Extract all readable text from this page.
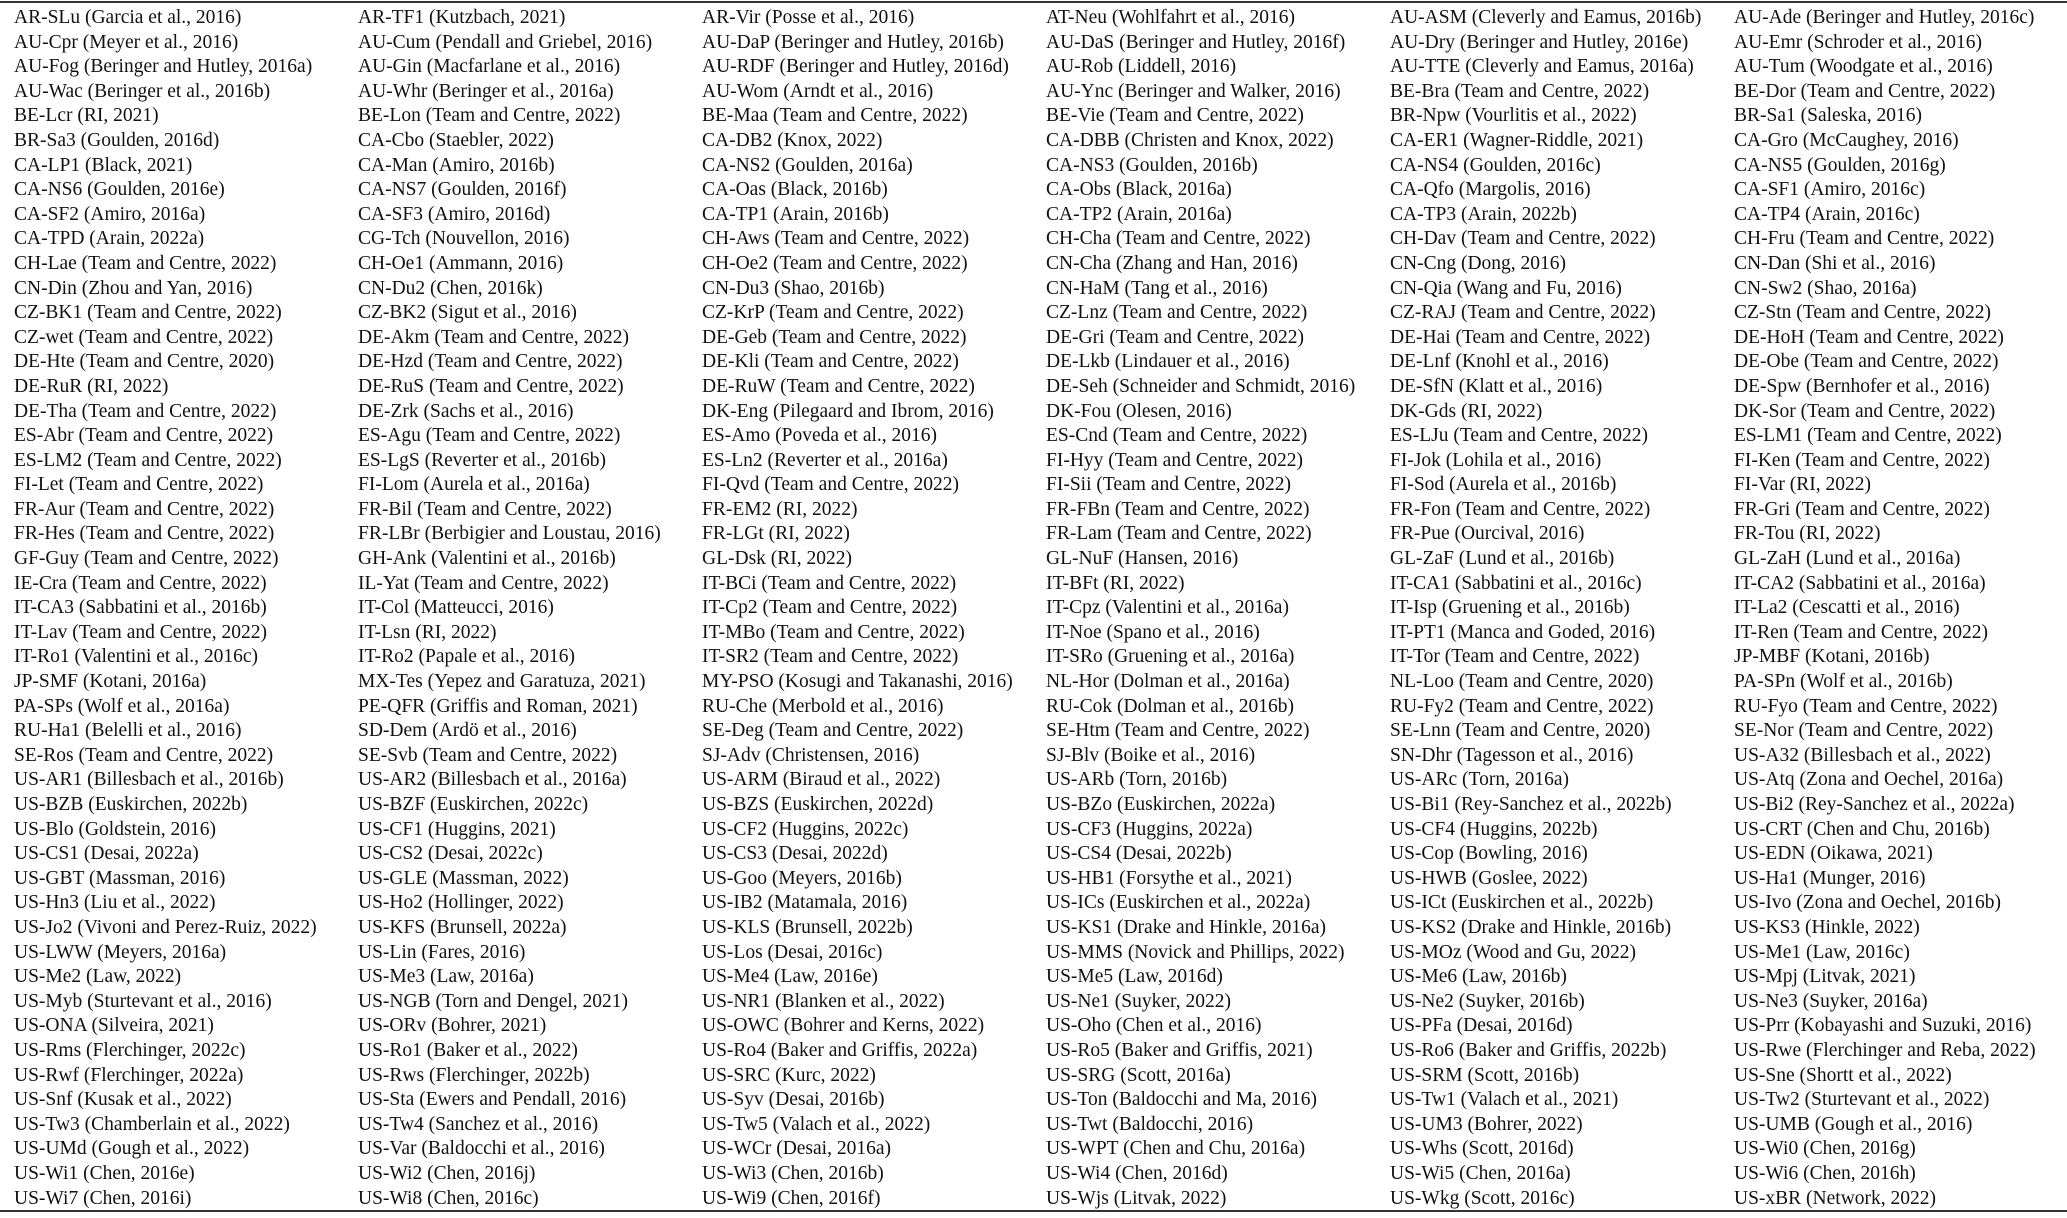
AR-SLu (Garcia et al., 2016)	AR-TF1 (Kutzbach, 2021)	AR-Vir (Posse et al., 2016)	AT-Neu (Wohlfahrt et al., 2016)	AU-ASM (Cleverly and Eamus, 2016b)	AU-Ade (Beringer and Hutley, 2016c)
AU-Cpr (Meyer et al., 2016)	AU-Cum (Pendall and Griebel, 2016)	AU-DaP (Beringer and Hutley, 2016b)	AU-DaS (Beringer and Hutley, 2016f)	AU-Dry (Beringer and Hutley, 2016e)	AU-Emr (Schroder et al., 2016)
AU-Fog (Beringer and Hutley, 2016a)	AU-Gin (Macfarlane et al., 2016)	AU-RDF (Beringer and Hutley, 2016d)	AU-Rob (Liddell, 2016)	AU-TTE (Cleverly and Eamus, 2016a)	AU-Tum (Woodgate et al., 2016)
AU-Wac (Beringer et al., 2016b)	AU-Whr (Beringer et al., 2016a)	AU-Wom (Arndt et al., 2016)	AU-Ync (Beringer and Walker, 2016)	BE-Bra (Team and Centre, 2022)	BE-Dor (Team and Centre, 2022)
BE-Lcr (RI, 2021)	BE-Lon (Team and Centre, 2022)	BE-Maa (Team and Centre, 2022)	BE-Vie (Team and Centre, 2022)	BR-Npw (Vourlitis et al., 2022)	BR-Sa1 (Saleska, 2016)
BR-Sa3 (Goulden, 2016d)	CA-Cbo (Staebler, 2022)	CA-DB2 (Knox, 2022)	CA-DBB (Christen and Knox, 2022)	CA-ER1 (Wagner-Riddle, 2021)	CA-Gro (McCaughey, 2016)
CA-LP1 (Black, 2021)	CA-Man (Amiro, 2016b)	CA-NS2 (Goulden, 2016a)	CA-NS3 (Goulden, 2016b)	CA-NS4 (Goulden, 2016c)	CA-NS5 (Goulden, 2016g)
CA-NS6 (Goulden, 2016e)	CA-NS7 (Goulden, 2016f)	CA-Oas (Black, 2016b)	CA-Obs (Black, 2016a)	CA-Qfo (Margolis, 2016)	CA-SF1 (Amiro, 2016c)
CA-SF2 (Amiro, 2016a)	CA-SF3 (Amiro, 2016d)	CA-TP1 (Arain, 2016b)	CA-TP2 (Arain, 2016a)	CA-TP3 (Arain, 2022b)	CA-TP4 (Arain, 2016c)
CA-TPD (Arain, 2022a)	CG-Tch (Nouvellon, 2016)	CH-Aws (Team and Centre, 2022)	CH-Cha (Team and Centre, 2022)	CH-Dav (Team and Centre, 2022)	CH-Fru (Team and Centre, 2022)
CH-Lae (Team and Centre, 2022)	CH-Oe1 (Ammann, 2016)	CH-Oe2 (Team and Centre, 2022)	CN-Cha (Zhang and Han, 2016)	CN-Cng (Dong, 2016)	CN-Dan (Shi et al., 2016)
CN-Din (Zhou and Yan, 2016)	CN-Du2 (Chen, 2016k)	CN-Du3 (Shao, 2016b)	CN-HaM (Tang et al., 2016)	CN-Qia (Wang and Fu, 2016)	CN-Sw2 (Shao, 2016a)
CZ-BK1 (Team and Centre, 2022)	CZ-BK2 (Sigut et al., 2016)	CZ-KrP (Team and Centre, 2022)	CZ-Lnz (Team and Centre, 2022)	CZ-RAJ (Team and Centre, 2022)	CZ-Stn (Team and Centre, 2022)
CZ-wet (Team and Centre, 2022)	DE-Akm (Team and Centre, 2022)	DE-Geb (Team and Centre, 2022)	DE-Gri (Team and Centre, 2022)	DE-Hai (Team and Centre, 2022)	DE-HoH (Team and Centre, 2022)
DE-Hte (Team and Centre, 2020)	DE-Hzd (Team and Centre, 2022)	DE-Kli (Team and Centre, 2022)	DE-Lkb (Lindauer et al., 2016)	DE-Lnf (Knohl et al., 2016)	DE-Obe (Team and Centre, 2022)
DE-RuR (RI, 2022)	DE-RuS (Team and Centre, 2022)	DE-RuW (Team and Centre, 2022)	DE-Seh (Schneider and Schmidt, 2016)	DE-SfN (Klatt et al., 2016)	DE-Spw (Bernhofer et al., 2016)
DE-Tha (Team and Centre, 2022)	DE-Zrk (Sachs et al., 2016)	DK-Eng (Pilegaard and Ibrom, 2016)	DK-Fou (Olesen, 2016)	DK-Gds (RI, 2022)	DK-Sor (Team and Centre, 2022)
ES-Abr (Team and Centre, 2022)	ES-Agu (Team and Centre, 2022)	ES-Amo (Poveda et al., 2016)	ES-Cnd (Team and Centre, 2022)	ES-LJu (Team and Centre, 2022)	ES-LM1 (Team and Centre, 2022)
ES-LM2 (Team and Centre, 2022)	ES-LgS (Reverter et al., 2016b)	ES-Ln2 (Reverter et al., 2016a)	FI-Hyy (Team and Centre, 2022)	FI-Jok (Lohila et al., 2016)	FI-Ken (Team and Centre, 2022)
FI-Let (Team and Centre, 2022)	FI-Lom (Aurela et al., 2016a)	FI-Qvd (Team and Centre, 2022)	FI-Sii (Team and Centre, 2022)	FI-Sod (Aurela et al., 2016b)	FI-Var (RI, 2022)
FR-Aur (Team and Centre, 2022)	FR-Bil (Team and Centre, 2022)	FR-EM2 (RI, 2022)	FR-FBn (Team and Centre, 2022)	FR-Fon (Team and Centre, 2022)	FR-Gri (Team and Centre, 2022)
FR-Hes (Team and Centre, 2022)	FR-LBr (Berbigier and Loustau, 2016)	FR-LGt (RI, 2022)	FR-Lam (Team and Centre, 2022)	FR-Pue (Ourcival, 2016)	FR-Tou (RI, 2022)
GF-Guy (Team and Centre, 2022)	GH-Ank (Valentini et al., 2016b)	GL-Dsk (RI, 2022)	GL-NuF (Hansen, 2016)	GL-ZaF (Lund et al., 2016b)	GL-ZaH (Lund et al., 2016a)
IE-Cra (Team and Centre, 2022)	IL-Yat (Team and Centre, 2022)	IT-BCi (Team and Centre, 2022)	IT-BFt (RI, 2022)	IT-CA1 (Sabbatini et al., 2016c)	IT-CA2 (Sabbatini et al., 2016a)
IT-CA3 (Sabbatini et al., 2016b)	IT-Col (Matteucci, 2016)	IT-Cp2 (Team and Centre, 2022)	IT-Cpz (Valentini et al., 2016a)	IT-Isp (Gruening et al., 2016b)	IT-La2 (Cescatti et al., 2016)
IT-Lav (Team and Centre, 2022)	IT-Lsn (RI, 2022)	IT-MBo (Team and Centre, 2022)	IT-Noe (Spano et al., 2016)	IT-PT1 (Manca and Goded, 2016)	IT-Ren (Team and Centre, 2022)
IT-Ro1 (Valentini et al., 2016c)	IT-Ro2 (Papale et al., 2016)	IT-SR2 (Team and Centre, 2022)	IT-SRo (Gruening et al., 2016a)	IT-Tor (Team and Centre, 2022)	JP-MBF (Kotani, 2016b)
JP-SMF (Kotani, 2016a)	MX-Tes (Yepez and Garatuza, 2021)	MY-PSO (Kosugi and Takanashi, 2016)	NL-Hor (Dolman et al., 2016a)	NL-Loo (Team and Centre, 2020)	PA-SPn (Wolf et al., 2016b)
PA-SPs (Wolf et al., 2016a)	PE-QFR (Griffis and Roman, 2021)	RU-Che (Merbold et al., 2016)	RU-Cok (Dolman et al., 2016b)	RU-Fy2 (Team and Centre, 2022)	RU-Fyo (Team and Centre, 2022)
RU-Ha1 (Belelli et al., 2016)	SD-Dem (Ardö et al., 2016)	SE-Deg (Team and Centre, 2022)	SE-Htm (Team and Centre, 2022)	SE-Lnn (Team and Centre, 2020)	SE-Nor (Team and Centre, 2022)
SE-Ros (Team and Centre, 2022)	SE-Svb (Team and Centre, 2022)	SJ-Adv (Christensen, 2016)	SJ-Blv (Boike et al., 2016)	SN-Dhr (Tagesson et al., 2016)	US-A32 (Billesbach et al., 2022)
US-AR1 (Billesbach et al., 2016b)	US-AR2 (Billesbach et al., 2016a)	US-ARM (Biraud et al., 2022)	US-ARb (Torn, 2016b)	US-ARc (Torn, 2016a)	US-Atq (Zona and Oechel, 2016a)
US-BZB (Euskirchen, 2022b)	US-BZF (Euskirchen, 2022c)	US-BZS (Euskirchen, 2022d)	US-BZo (Euskirchen, 2022a)	US-Bi1 (Rey-Sanchez et al., 2022b)	US-Bi2 (Rey-Sanchez et al., 2022a)
US-Blo (Goldstein, 2016)	US-CF1 (Huggins, 2021)	US-CF2 (Huggins, 2022c)	US-CF3 (Huggins, 2022a)	US-CF4 (Huggins, 2022b)	US-CRT (Chen and Chu, 2016b)
US-CS1 (Desai, 2022a)	US-CS2 (Desai, 2022c)	US-CS3 (Desai, 2022d)	US-CS4 (Desai, 2022b)	US-Cop (Bowling, 2016)	US-EDN (Oikawa, 2021)
US-GBT (Massman, 2016)	US-GLE (Massman, 2022)	US-Goo (Meyers, 2016b)	US-HB1 (Forsythe et al., 2021)	US-HWB (Goslee, 2022)	US-Ha1 (Munger, 2016)
US-Hn3 (Liu et al., 2022)	US-Ho2 (Hollinger, 2022)	US-IB2 (Matamala, 2016)	US-ICs (Euskirchen et al., 2022a)	US-ICt (Euskirchen et al., 2022b)	US-Ivo (Zona and Oechel, 2016b)
US-Jo2 (Vivoni and Perez-Ruiz, 2022)	US-KFS (Brunsell, 2022a)	US-KLS (Brunsell, 2022b)	US-KS1 (Drake and Hinkle, 2016a)	US-KS2 (Drake and Hinkle, 2016b)	US-KS3 (Hinkle, 2022)
US-LWW (Meyers, 2016a)	US-Lin (Fares, 2016)	US-Los (Desai, 2016c)	US-MMS (Novick and Phillips, 2022)	US-MOz (Wood and Gu, 2022)	US-Me1 (Law, 2016c)
US-Me2 (Law, 2022)	US-Me3 (Law, 2016a)	US-Me4 (Law, 2016e)	US-Me5 (Law, 2016d)	US-Me6 (Law, 2016b)	US-Mpj (Litvak, 2021)
US-Myb (Sturtevant et al., 2016)	US-NGB (Torn and Dengel, 2021)	US-NR1 (Blanken et al., 2022)	US-Ne1 (Suyker, 2022)	US-Ne2 (Suyker, 2016b)	US-Ne3 (Suyker, 2016a)
US-ONA (Silveira, 2021)	US-ORv (Bohrer, 2021)	US-OWC (Bohrer and Kerns, 2022)	US-Oho (Chen et al., 2016)	US-PFa (Desai, 2016d)	US-Prr (Kobayashi and Suzuki, 2016)
US-Rms (Flerchinger, 2022c)	US-Ro1 (Baker et al., 2022)	US-Ro4 (Baker and Griffis, 2022a)	US-Ro5 (Baker and Griffis, 2021)	US-Ro6 (Baker and Griffis, 2022b)	US-Rwe (Flerchinger and Reba, 2022)
US-Rwf (Flerchinger, 2022a)	US-Rws (Flerchinger, 2022b)	US-SRC (Kurc, 2022)	US-SRG (Scott, 2016a)	US-SRM (Scott, 2016b)	US-Sne (Shortt et al., 2022)
US-Snf (Kusak et al., 2022)	US-Sta (Ewers and Pendall, 2016)	US-Syv (Desai, 2016b)	US-Ton (Baldocchi and Ma, 2016)	US-Tw1 (Valach et al., 2021)	US-Tw2 (Sturtevant et al., 2022)
US-Tw3 (Chamberlain et al., 2022)	US-Tw4 (Sanchez et al., 2016)	US-Tw5 (Valach et al., 2022)	US-Twt (Baldocchi, 2016)	US-UM3 (Bohrer, 2022)	US-UMB (Gough et al., 2016)
US-UMd (Gough et al., 2022)	US-Var (Baldocchi et al., 2016)	US-WCr (Desai, 2016a)	US-WPT (Chen and Chu, 2016a)	US-Whs (Scott, 2016d)	US-Wi0 (Chen, 2016g)
US-Wi1 (Chen, 2016e)	US-Wi2 (Chen, 2016j)	US-Wi3 (Chen, 2016b)	US-Wi4 (Chen, 2016d)	US-Wi5 (Chen, 2016a)	US-Wi6 (Chen, 2016h)
US-Wi7 (Chen, 2016i)	US-Wi8 (Chen, 2016c)	US-Wi9 (Chen, 2016f)	US-Wjs (Litvak, 2022)	US-Wkg (Scott, 2016c)	US-xBR (Network, 2022)
